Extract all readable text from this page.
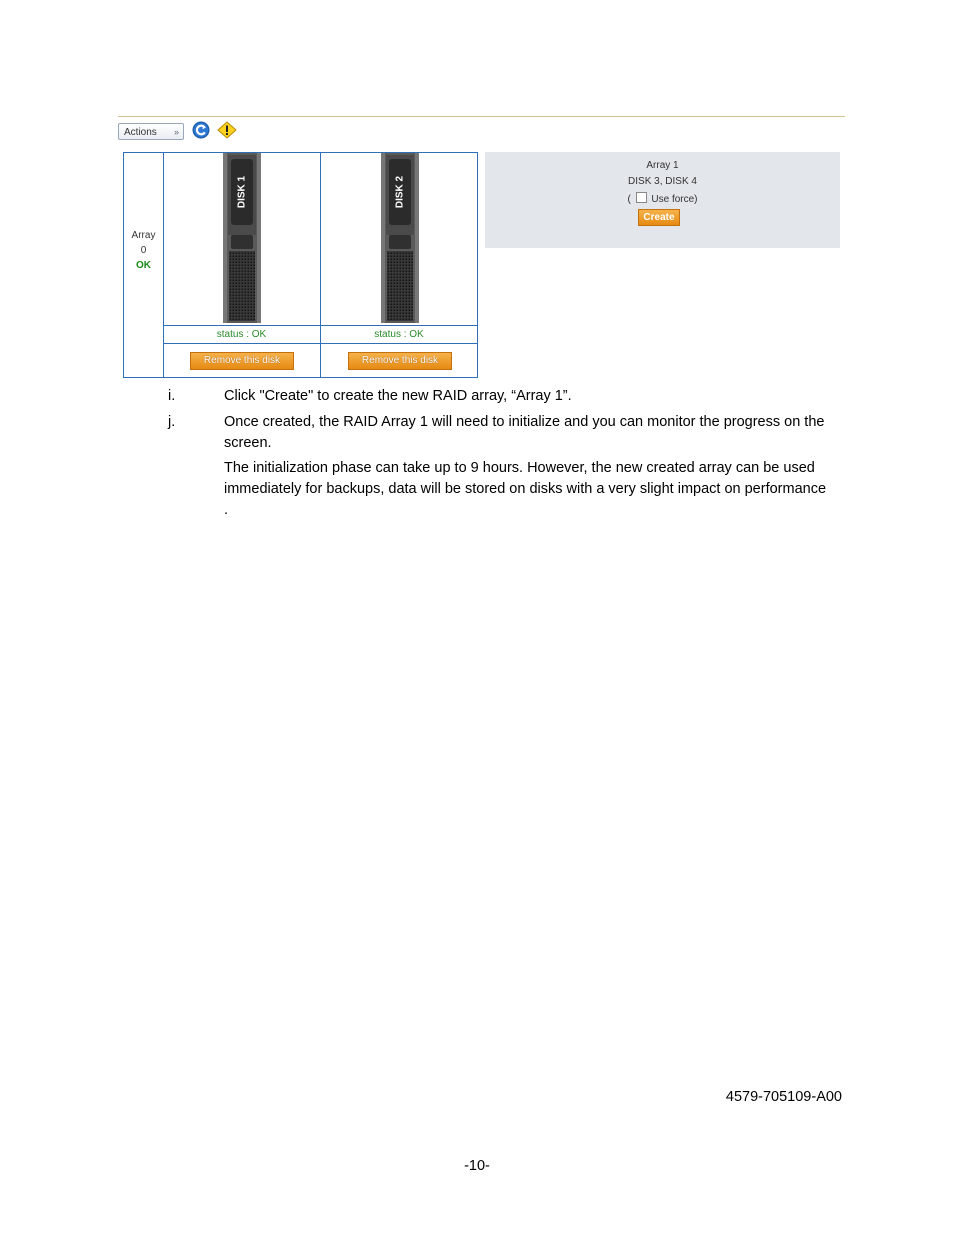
Actions »
Array
0
OK
DISK 1
status : OK
Remove this disk
DISK 2
status : OK
Remove this disk
Array 1
DISK 3, DISK 4
( Use force)
Create
i.	Click "Create" to create the new RAID array, “Array 1”.
j.	Once created, the RAID Array 1 will need to initialize and you can monitor the progress on the screen.
The initialization phase can take up to 9 hours. However, the new created array can be used immediately for backups, data will be stored on disks with a very slight impact on performance .
4579-705109-A00
-10-
